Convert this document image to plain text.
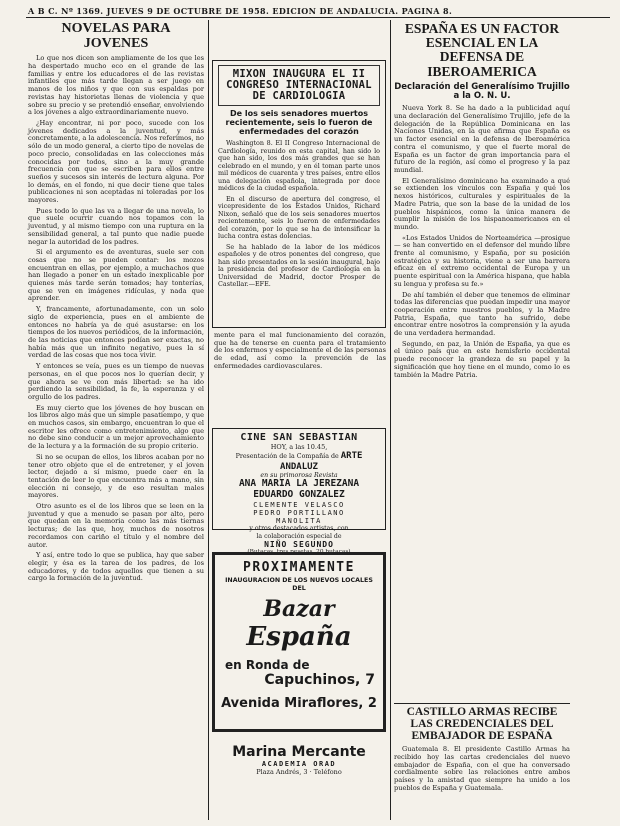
A B C. Nº 1369. JUEVES 9 DE OCTUBRE DE 1958. EDICION DE ANDALUCIA. PAGINA 8.
NOVELAS PARA JOVENES

Lo que nos dicen son ampliamente de los que les ha despertado mucho eco en el grande de las familias y entre los educadores el de las revistas infantiles que más tarde llegan a ser juego en manos de los niños y que con sus espaldas por revistas hay historietas llenas de violencia y que sobre su precio y se pretendió enseñar, envolviendo a los jóvenes a algo extraordinariamente nuevo.

¿Hay encontrar, ni por poco, sucede con los jóvenes dedicados a la juventud, y más concretamente, a la adolescencia. Nos referimos, no sólo de un modo general, a cierto tipo de novelas de poco precio, consolidadas en las colecciones más conocidas por todos, sino a la muy grande frecuencia con que se escriben para ellos entre sueños y sucesos sin interés de lectura alguna. Por lo demás, en el fondo, ni que decir tiene que tales publicaciones ni son aceptadas ni toleradas por los mayores.

Pues todo lo que las va a llegar de una novela, lo que suele ocurrir cuando nos topamos con la juventud, y al mismo tiempo con una ruptura en la sensibilidad general, a tal punto que nadie puede negar la autoridad de los padres.

Si el argumento es de aventuras, suele ser con cosas que no se pueden contar: los mozos encuentran en ellas, por ejemplo, a muchachos que han llegado a poner en un estado inexplicable por quienes más tarde serán tomados; hay tonterías, que se ven en imágenes ridículas, y nada que aprender.

Y, francamente, afortunadamente, con un solo siglo de experiencia, pues en el ambiente de entonces no habría ya de qué asustarse: en los tiempos de los nuevos periódicos, de la información, de las noticias que entonces podían ser exactas, no había más que un infinito negativo, pues la sí verdad de las cosas que nos toca vivir.

Y entonces se veía, pues es un tiempo de nuevas personas, en el que pocos nos lo querían decir, y que ahora se ve con más libertad: se ha ido perdiendo la sensibilidad, la fe, la esperanza y el orgullo de los padres.

Es muy cierto que los jóvenes de hoy buscan en los libros algo más que un simple pasatiempo, y que en muchos casos, sin embargo, encuentran lo que el escritor les ofrece como entretenimiento, algo que no debe sino conducir a un mejor aprovechamiento de la lectura y a la formación de su propio criterio.

Si no se ocupan de ellos, los libros acaban por no tener otro objeto que el de entretener, y el joven lector, dejado a sí mismo, puede caer en la tentación de leer lo que encuentra más a mano, sin elección ni consejo, y de eso resultan males mayores.

Otro asunto es el de los libros que se leen en la juventud y que a menudo se pasan por alto, pero que quedan en la memoria como las más tiernas lecturas; de las que, hoy, muchos de nosotros recordamos con cariño el título y el nombre del autor.

Y así, entre todo lo que se publica, hay que saber elegir, y ésa es la tarea de los padres, de los educadores, y de todos aquellos que tienen a su cargo la formación de la juventud.

MIXON INAUGURA EL II CONGRESO INTERNACIONAL DE CARDIOLOGIA
De los seis senadores muertos recientemente, seis lo fueron de enfermedades del corazón

Washington 8. El II Congreso Internacional de Cardiología, reunido en esta capital, han sido lo que han sido, los dos más grandes que se han celebrado en el mundo, y en él toman parte unos mil médicos de cuarenta y tres países, entre ellos una delegación española, integrada por doce médicos de la ciudad española.

En el discurso de apertura del congreso, el vicepresidente de los Estados Unidos, Richard Nixon, señaló que de los seis senadores muertos recientemente, seis lo fueron de enfermedades del corazón, por lo que se ha de intensificar la lucha contra estas dolencias.

Se ha hablado de la labor de los médicos españoles y de otros ponentes del congreso, que han sido presentados en la sesión inaugural, bajo la presidencia del profesor de Cardiología en la Universidad de Madrid, doctor Prosper de Castellar.—EFE.

mente para el mal funcionamiento del corazón, que ha de tenerse en cuenta para el tratamiento de los enfermos y especialmente el de las personas de edad, así como la prevención de las enfermedades cardiovasculares.

CINE SAN SEBASTIAN
HOY, a las 10.45,
Presentación de la Compañía de ARTE ANDALUZ
en su primorosa Revista
ANA MARIA LA JEREZANA
EDUARDO GONZALEZ
CLEMENTE VELASCO
PEDRO PORTILLANO
MANOLITA
y otros destacados artistas, con
la colaboración especial de
NIÑO SEGUNDO
PROXIMAMENTE
INAUGURACION DE LOS NUEVOS LOCALES DEL
Bazar España
en Ronda de
Capuchinos, 7
Avenida Miraflores, 2
Marina Mercante
ACADEMIA ORAD
Plaza Andrés, 3 · Teléfono
ESPAÑA ES UN FACTOR ESENCIAL EN LA DEFENSA DE IBEROAMERICA
Declaración del Generalísimo Trujillo a la O. N. U.

Nueva York 8. Se ha dado a la publicidad aquí una declaración del Generalísimo Trujillo, jefe de la delegación de la República Dominicana en las Naciones Unidas, en la que afirma que España es un factor esencial en la defensa de Iberoamérica contra el comunismo, y que el fuerte moral de España es un factor de gran importancia para el futuro de la región, así como el progreso y la paz mundial.

El Generalísimo dominicano ha examinado a qué se extienden los vínculos con España y qué los nexos históricos, culturales y espirituales de la Madre Patria, que son la base de la unidad de los pueblos hispánicos, como la única manera de cumplir la misión de los hispanoamericanos en el mundo.

«Los Estados Unidos de Norteamérica —prosigue— se han convertido en el defensor del mundo libre frente al comunismo, y España, por su posición estratégica y su historia, viene a ser una barrera eficaz en el extremo occidental de Europa y un puente espiritual con la América hispana, que habla su lengua y profesa su fe.»

De ahí también el deber que tenemos de eliminar todas las diferencias que puedan impedir una mayor cooperación entre nuestros pueblos, y la Madre Patria, España, que tanto ha sufrido, debe encontrar entre nosotros la comprensión y la ayuda de una verdadera hermandad.

Segundo, en paz, la Unión de España, ya que es el único país que en este hemisferio occidental puede reconocer la grandeza de su papel y la significación que hoy tiene en el mundo, como lo es también la Madre Patria.

CASTILLO ARMAS RECIBE LAS CREDENCIALES DEL EMBAJADOR DE ESPAÑA

Guatemala 8. El presidente Castillo Armas ha recibido hoy las cartas credenciales del nuevo embajador de España, con el que ha conversado cordialmente sobre las relaciones entre ambos países y la amistad que siempre ha unido a los pueblos de España y Guatemala.
